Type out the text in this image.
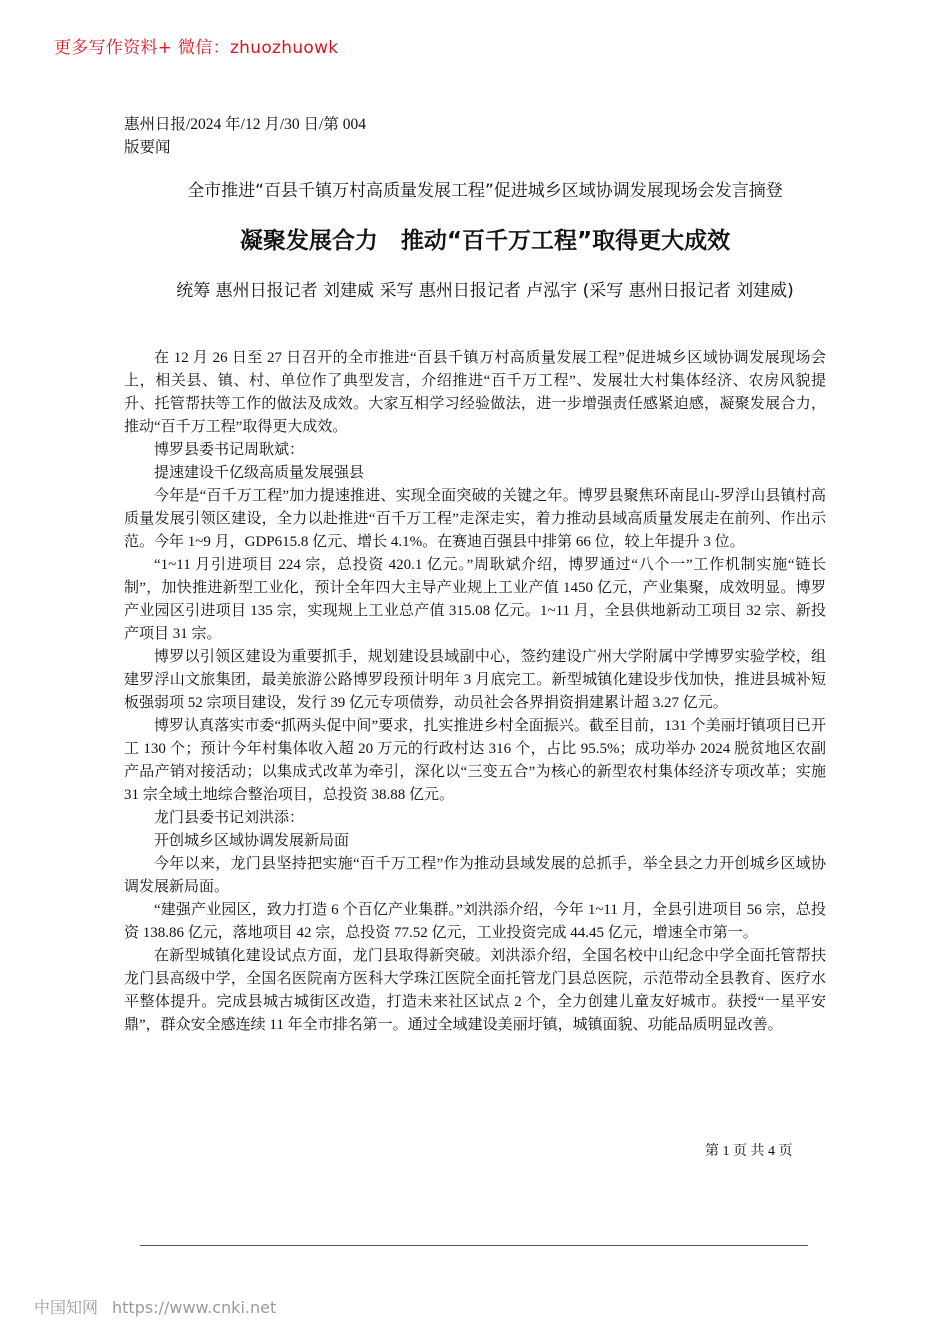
更多写作资料+ 微信：zhuozhuowk
惠州日报/2024 年/12 月/30 日/第 004
版要闻
全市推进“百县千镇万村高质量发展工程”促进城乡区域协调发展现场会发言摘登
凝聚发展合力　推动“百千万工程”取得更大成效
统筹 惠州日报记者 刘建威 采写 惠州日报记者 卢泓宇 (采写 惠州日报记者 刘建威)

在 12 月 26 日至 27 日召开的全市推进“百县千镇万村高质量发展工程”促进城乡区域协调发展现场会上，相关县、镇、村、单位作了典型发言，介绍推进“百千万工程”、发展壮大村集体经济、农房风貌提升、托管帮扶等工作的做法及成效。大家互相学习经验做法，进一步增强责任感紧迫感，凝聚发展合力，推动“百千万工程”取得更大成效。

博罗县委书记周耿斌：

提速建设千亿级高质量发展强县

今年是“百千万工程”加力提速推进、实现全面突破的关键之年。博罗县聚焦环南昆山-罗浮山县镇村高质量发展引领区建设，全力以赴推进“百千万工程”走深走实，着力推动县域高质量发展走在前列、作出示范。今年 1~9 月，GDP615.8 亿元、增长 4.1%。在赛迪百强县中排第 66 位，较上年提升 3 位。

“1~11 月引进项目 224 宗，总投资 420.1 亿元。”周耿斌介绍，博罗通过“八个一”工作机制实施“链长制”，加快推进新型工业化，预计全年四大主导产业规上工业产值 1450 亿元，产业集聚，成效明显。博罗产业园区引进项目 135 宗，实现规上工业总产值 315.08 亿元。1~11 月，全县供地新动工项目 32 宗、新投产项目 31 宗。

博罗以引领区建设为重要抓手，规划建设县域副中心，签约建设广州大学附属中学博罗实验学校，组建罗浮山文旅集团，最美旅游公路博罗段预计明年 3 月底完工。新型城镇化建设步伐加快，推进县城补短板强弱项 52 宗项目建设，发行 39 亿元专项债券，动员社会各界捐资捐建累计超 3.27 亿元。

博罗认真落实市委“抓两头促中间”要求，扎实推进乡村全面振兴。截至目前，131 个美丽圩镇项目已开工 130 个；预计今年村集体收入超 20 万元的行政村达 316 个，占比 95.5%；成功举办 2024 脱贫地区农副产品产销对接活动；以集成式改革为牵引，深化以“三变五合”为核心的新型农村集体经济专项改革；实施 31 宗全域土地综合整治项目，总投资 38.88 亿元。

龙门县委书记刘洪添：

开创城乡区域协调发展新局面

今年以来，龙门县坚持把实施“百千万工程”作为推动县域发展的总抓手，举全县之力开创城乡区域协调发展新局面。

“建强产业园区，致力打造 6 个百亿产业集群。”刘洪添介绍，今年 1~11 月，全县引进项目 56 宗，总投资 138.86 亿元，落地项目 42 宗，总投资 77.52 亿元，工业投资完成 44.45 亿元，增速全市第一。

在新型城镇化建设试点方面，龙门县取得新突破。刘洪添介绍，全国名校中山纪念中学全面托管帮扶龙门县高级中学，全国名医院南方医科大学珠江医院全面托管龙门县总医院，示范带动全县教育、医疗水平整体提升。完成县城古城街区改造，打造未来社区试点 2 个，全力创建儿童友好城市。获授“一星平安鼎”，群众安全感连续 11 年全市排名第一。通过全域建设美丽圩镇，城镇面貌、功能品质明显改善。

第 1 页 共 4 页
中国知网 https://www.cnki.net
